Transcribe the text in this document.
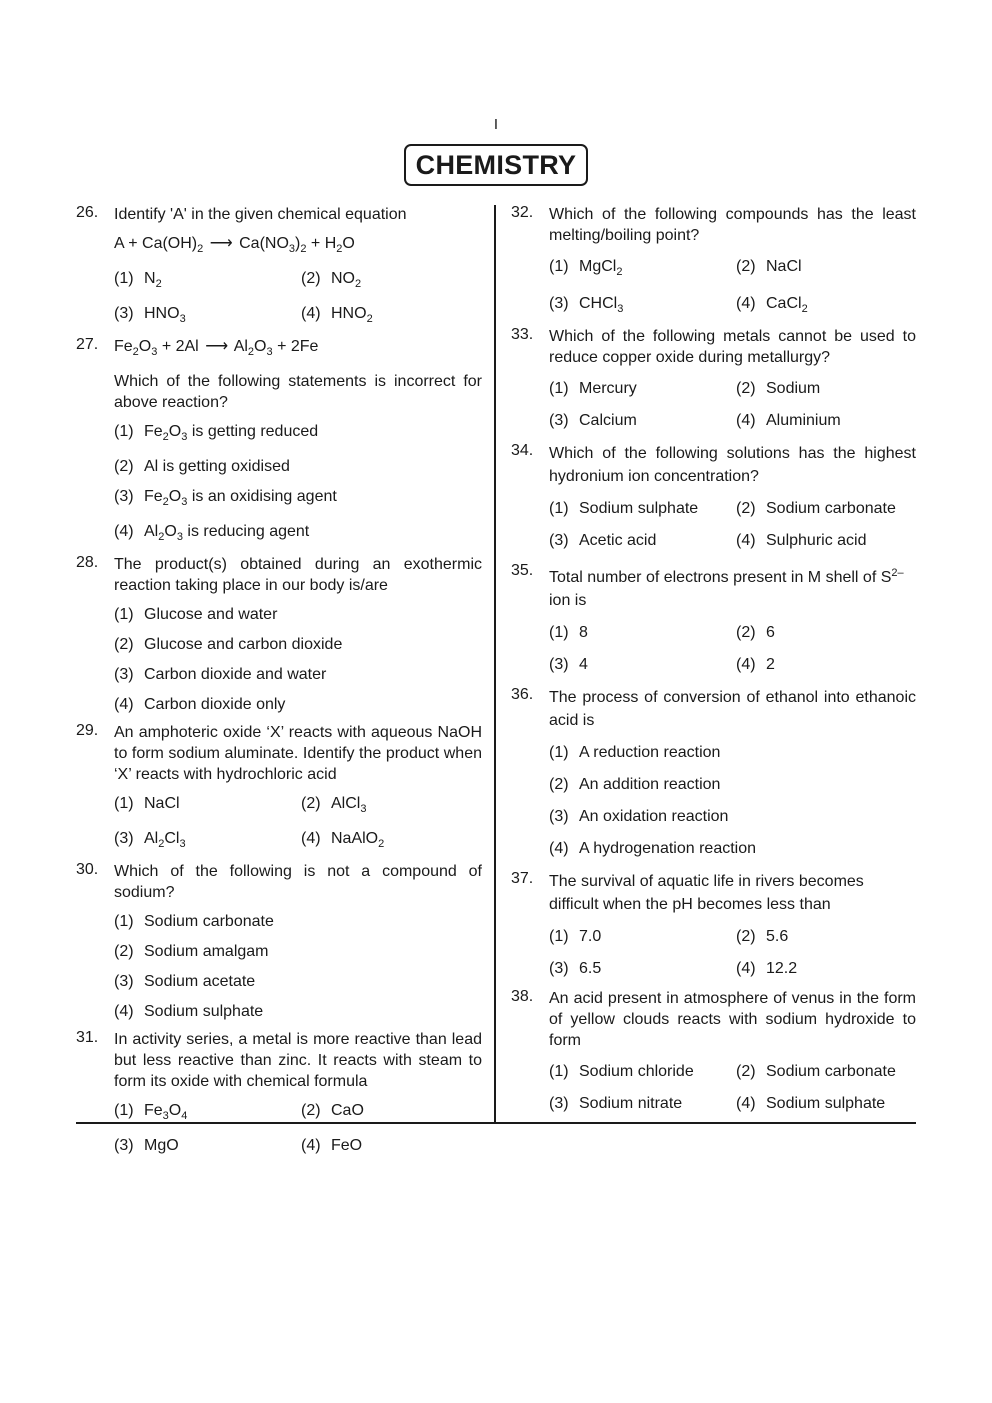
I
CHEMISTRY
26. Identify 'A' in the given chemical equation
$A + Ca(OH)_2$ ⟶ $Ca(NO_3)_2 + H_2O$
(1) $N_2$	(2) $NO_2$
(3) $HNO_3$	(4) $HNO_2$
27. $Fe_2O_3 + 2Al$ ⟶ $Al_2O_3 + 2Fe$
Which of the following statements is incorrect for above reaction?
(1) $Fe_2O_3$ is getting reduced
(2) Al is getting oxidised
(3) $Fe_2O_3$ is an oxidising agent
(4) $Al_2O_3$ is reducing agent
28. The product(s) obtained during an exothermic reaction taking place in our body is/are
(1) Glucose and water
(2) Glucose and carbon dioxide
(3) Carbon dioxide and water
(4) Carbon dioxide only
29. An amphoteric oxide ‘X’ reacts with aqueous NaOH to form sodium aluminate. Identify the product when ‘X’ reacts with hydrochloric acid
(1) NaCl	(2) AlCl$_3$
(3) $Al_2Cl_3$	(4) NaAlO$_2$
30. Which of the following is not a compound of sodium?
(1) Sodium carbonate
(2) Sodium amalgam
(3) Sodium acetate
(4) Sodium sulphate
31. In activity series, a metal is more reactive than lead but less reactive than zinc. It reacts with steam to form its oxide with chemical formula
(1) $Fe_3O_4$	(2) CaO
(3) MgO	(4) FeO
32. Which of the following compounds has the least melting/boiling point?
(1) MgCl$_2$	(2) NaCl
(3) CHCl$_3$	(4) CaCl$_2$
33. Which of the following metals cannot be used to reduce copper oxide during metallurgy?
(1) Mercury	(2) Sodium
(3) Calcium	(4) Aluminium
34. Which of the following solutions has the highest hydronium ion concentration?
(1) Sodium sulphate	(2) Sodium carbonate
(3) Acetic acid	(4) Sulphuric acid
35. Total number of electrons present in M shell of $S^{2-}$
ion is
(1) 8	(2) 6
(3) 4	(4) 2
36. The process of conversion of ethanol into ethanoic acid is
(1) A reduction reaction
(2) An addition reaction
(3) An oxidation reaction
(4) A hydrogenation reaction
37. The survival of aquatic life in rivers becomes difficult when the pH becomes less than
(1) 7.0	(2) 5.6
(3) 6.5	(4) 12.2
38. An acid present in atmosphere of venus in the form of yellow clouds reacts with sodium hydroxide to form
(1) Sodium chloride	(2) Sodium carbonate
(3) Sodium nitrate	(4) Sodium sulphate
